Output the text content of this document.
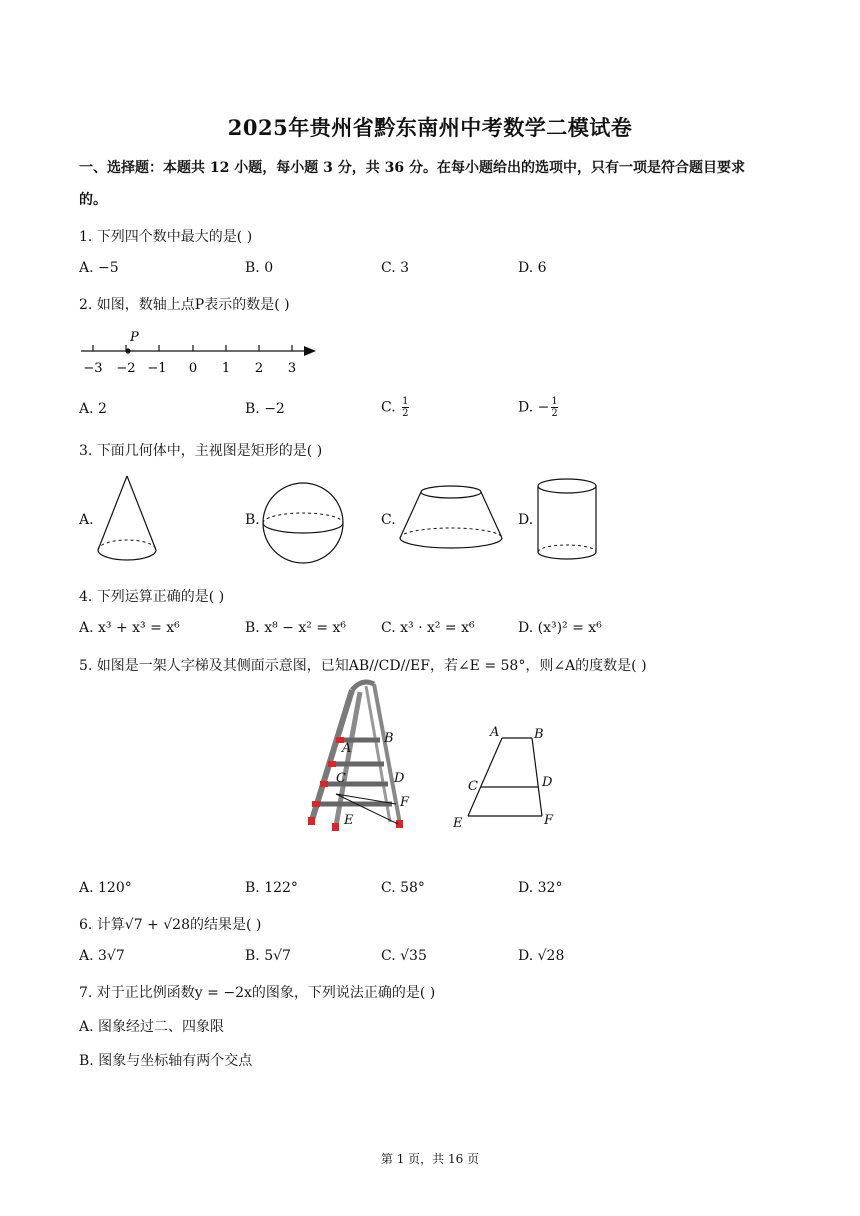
2025年贵州省黔东南州中考数学二模试卷
一、选择题：本题共 12 小题，每小题 3 分，共 36 分。在每小题给出的选项中，只有一项是符合题目要求
的。
1. 下列四个数中最大的是( )
A. −5	B. 0	C. 3	D. 6
2. 如图，数轴上点P表示的数是( )
P
−3 −2 −1 0 1 2 3
A. 2	B. −2	C. $\frac{1}{2}$	D. − $\frac{1}{2}$
3. 下面几何体中，主视图是矩形的是( )
A.	B.	C.	D.
4. 下列运算正确的是( )
A. x³ + x³ = x⁶	B. x⁸ − x² = x⁶	C. x³ · x² = x⁶	D. (x³)² = x⁶
5. 如图是一架人字梯及其侧面示意图，已知AB//CD//EF，若∠E = 58°，则∠A的度数是( )
A
B
C	D
E
F
A	B
C	D
E	F
A. 120°	B. 122°	C. 58°	D. 32°
6. 计算√7 + √28的结果是( )
A. 3√7	B. 5√7	C. √35	D. √28
7. 对于正比例函数y = −2x的图象，下列说法正确的是( )
A. 图象经过二、四象限
B. 图象与坐标轴有两个交点
第 1 页，共 16 页
